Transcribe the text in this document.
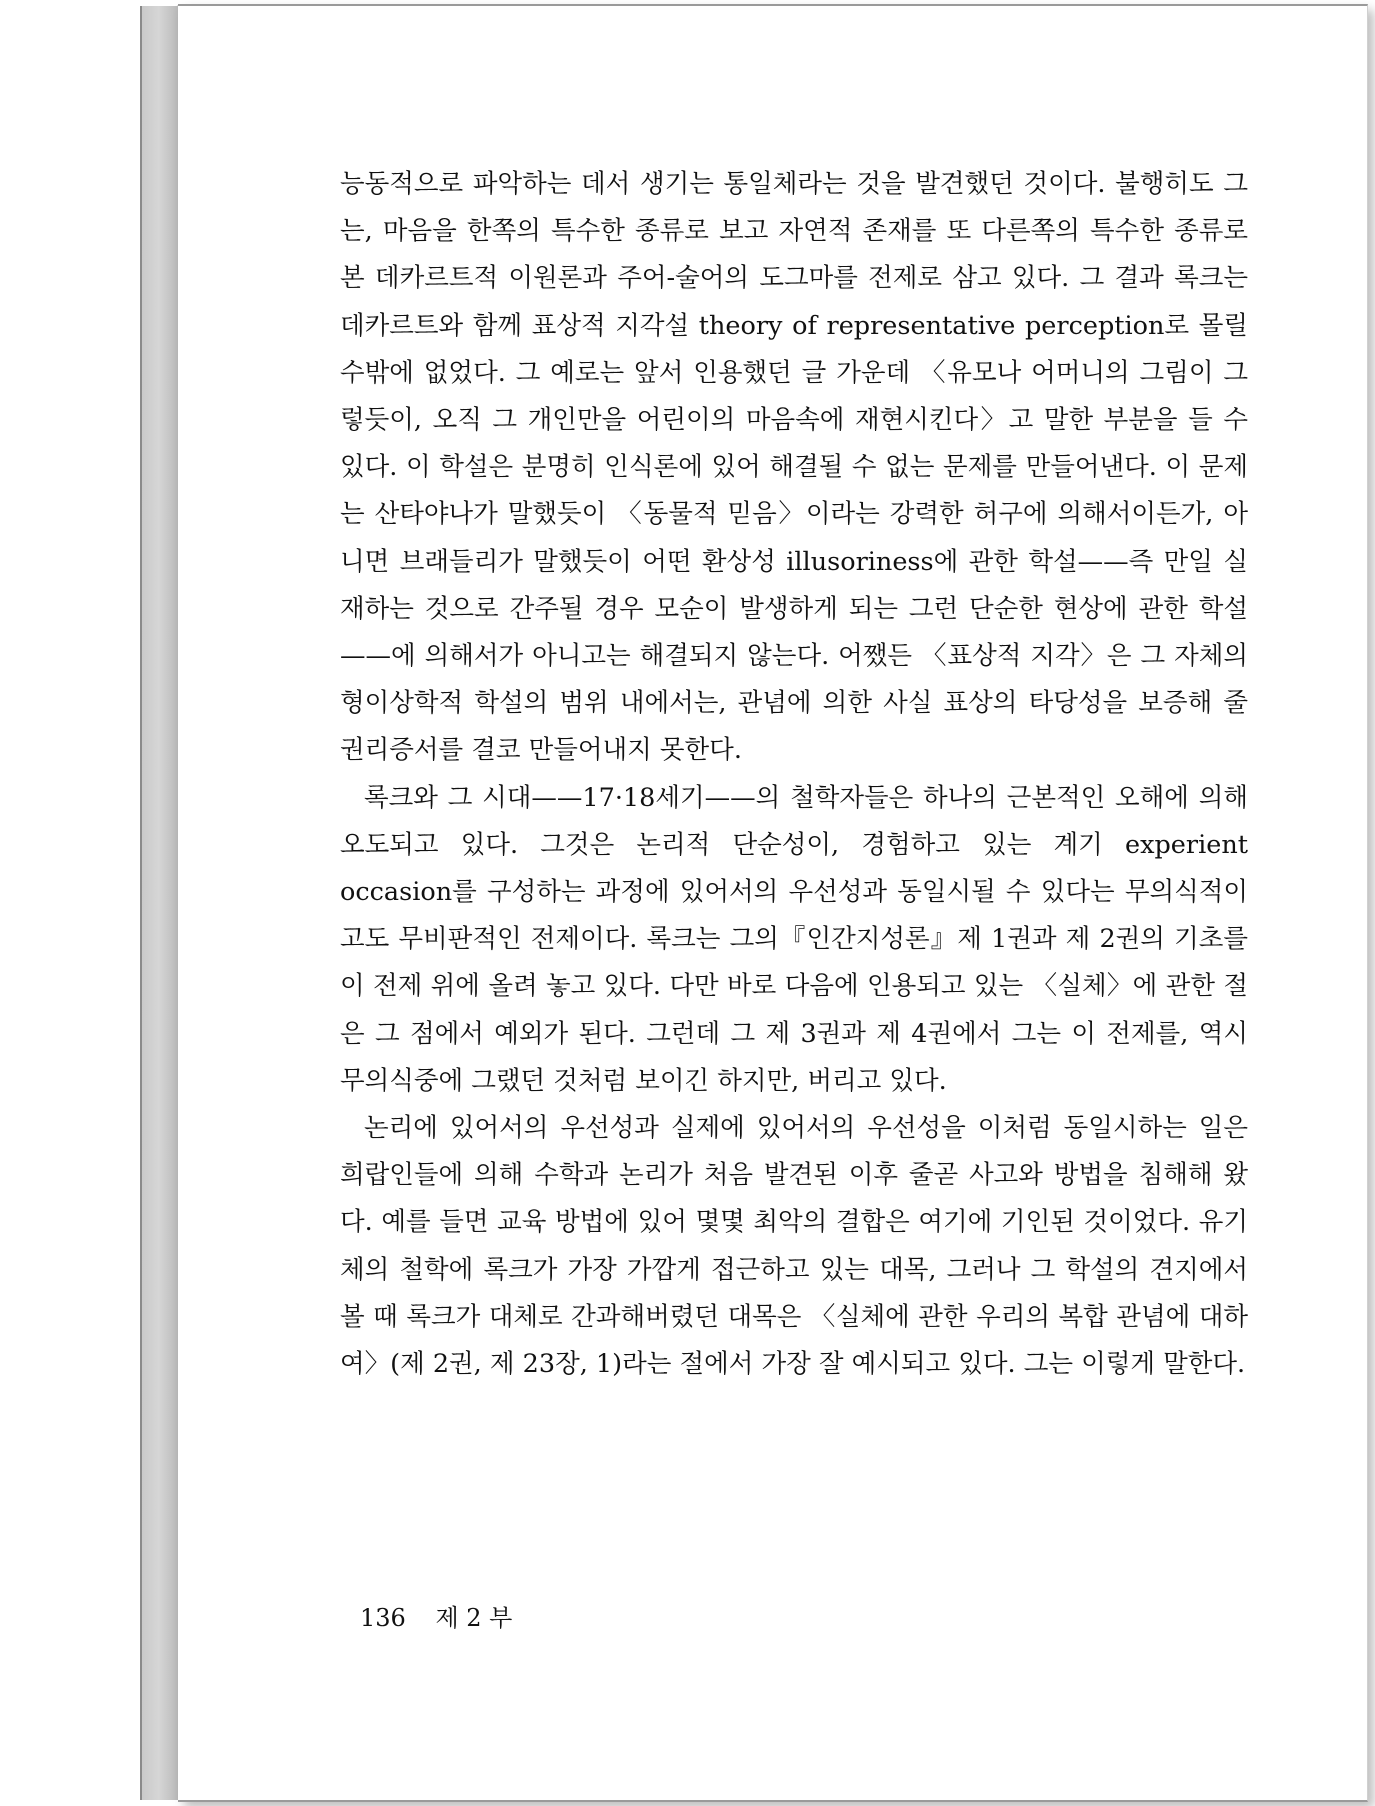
능동적으로 파악하는 데서 생기는 통일체라는 것을 발견했던 것이다. 불행히도 그는, 마음을 한쪽의 특수한 종류로 보고 자연적 존재를 또 다른쪽의 특수한 종류로 본 데카르트적 이원론과 주어-술어의 도그마를 전제로 삼고 있다. 그 결과 록크는 데카르트와 함께 표상적 지각설 theory of representative perception로 몰릴 수밖에 없었다. 그 예로는 앞서 인용했던 글 가운데 〈유모나 어머니의 그림이 그렇듯이, 오직 그 개인만을 어린이의 마음속에 재현시킨다〉고 말한 부분을 들 수 있다. 이 학설은 분명히 인식론에 있어 해결될 수 없는 문제를 만들어낸다. 이 문제는 산타야나가 말했듯이 〈동물적 믿음〉이라는 강력한 허구에 의해서이든가, 아니면 브래들리가 말했듯이 어떤 환상성 illusoriness에 관한 학설——즉 만일 실재하는 것으로 간주될 경우 모순이 발생하게 되는 그런 단순한 현상에 관한 학설——에 의해서가 아니고는 해결되지 않는다. 어쨌든 〈표상적 지각〉은 그 자체의 형이상학적 학설의 범위 내에서는, 관념에 의한 사실 표상의 타당성을 보증해 줄 권리증서를 결코 만들어내지 못한다.

록크와 그 시대——17·18세기——의 철학자들은 하나의 근본적인 오해에 의해 오도되고 있다. 그것은 논리적 단순성이, 경험하고 있는 계기 experient occasion를 구성하는 과정에 있어서의 우선성과 동일시될 수 있다는 무의식적이고도 무비판적인 전제이다. 록크는 그의『인간지성론』제 1권과 제 2권의 기초를 이 전제 위에 올려 놓고 있다. 다만 바로 다음에 인용되고 있는 〈실체〉에 관한 절은 그 점에서 예외가 된다. 그런데 그 제 3권과 제 4권에서 그는 이 전제를, 역시 무의식중에 그랬던 것처럼 보이긴 하지만, 버리고 있다.

논리에 있어서의 우선성과 실제에 있어서의 우선성을 이처럼 동일시하는 일은 희랍인들에 의해 수학과 논리가 처음 발견된 이후 줄곧 사고와 방법을 침해해 왔다. 예를 들면 교육 방법에 있어 몇몇 최악의 결합은 여기에 기인된 것이었다. 유기체의 철학에 록크가 가장 가깝게 접근하고 있는 대목, 그러나 그 학설의 견지에서 볼 때 록크가 대체로 간과해버렸던 대목은 〈실체에 관한 우리의 복합 관념에 대하여〉(제 2권, 제 23장, 1)라는 절에서 가장 잘 예시되고 있다. 그는 이렇게 말한다.

136 제 2 부
